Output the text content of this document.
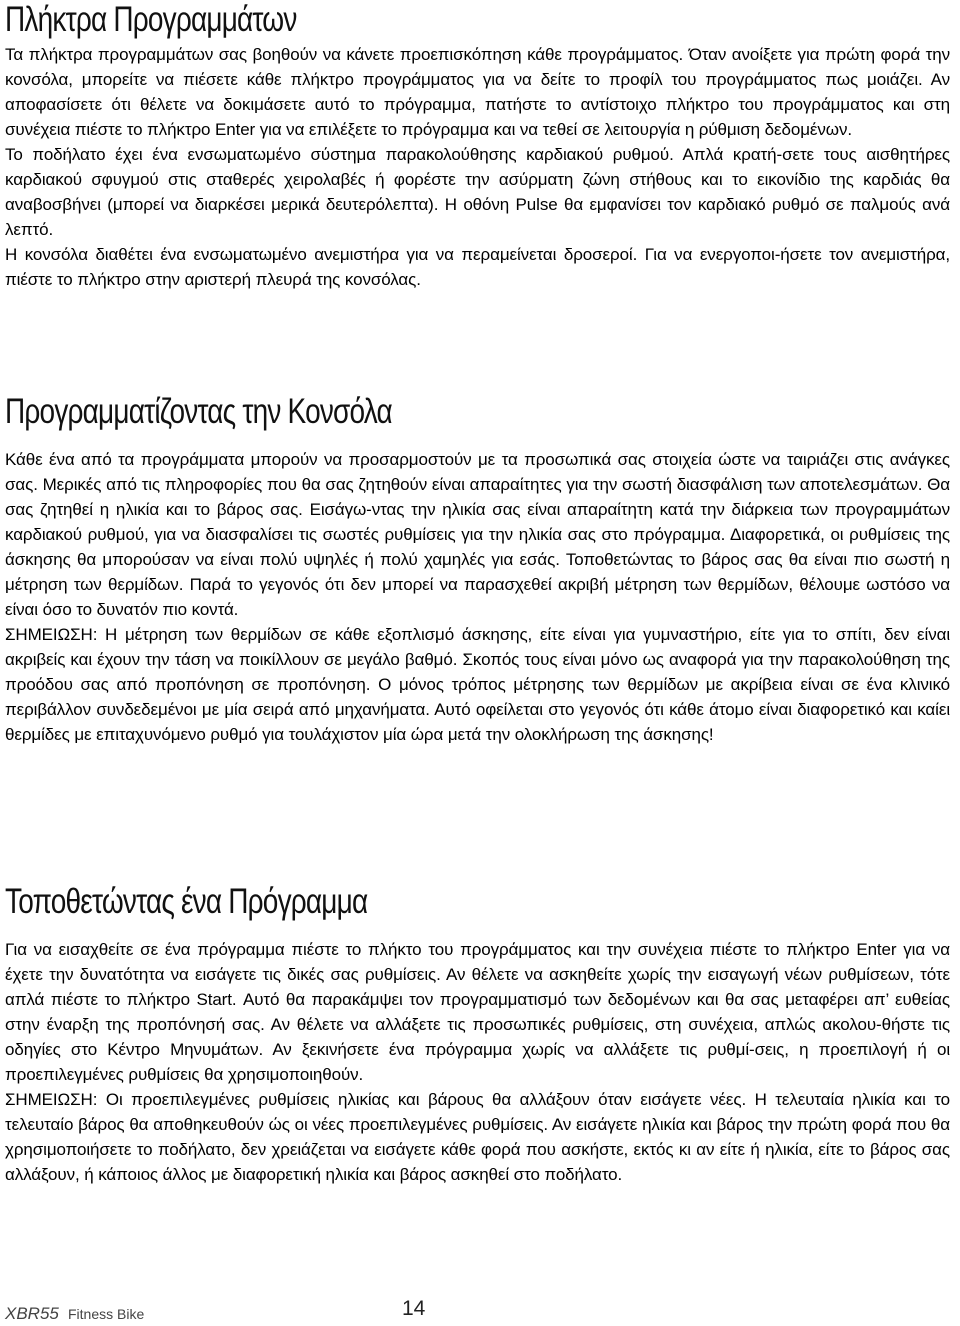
Πλήκτρα Προγραμμάτων

Τα πλήκτρα προγραμμάτων σας βοηθούν να κάνετε προεπισκόπηση κάθε προγράμματος. Όταν ανοίξετε για πρώτη φορά την κονσόλα, μπορείτε να πιέσετε κάθε πλήκτρο προγράμματος για να δείτε το προφίλ του προγράμματος πως μοιάζει. Αν αποφασίσετε ότι θέλετε να δοκιμάσετε αυτό το πρόγραμμα, πατήστε το αντίστοιχο πλήκτρο του προγράμματος και στη συνέχεια πιέστε το πλήκτρο Enter για να επιλέξετε το πρόγραμμα και να τεθεί σε λειτουργία η ρύθμιση δεδομένων.
Το ποδήλατο έχει ένα ενσωματωμένο σύστημα παρακολούθησης καρδιακού ρυθμού. Απλά κρατή-σετε τους αισθητήρες καρδιακού σφυγμού στις σταθερές χειρολαβές ή φορέστε την ασύρματη ζώνη στήθους και το εικονίδιο της καρδιάς θα αναβοσβήνει (μπορεί να διαρκέσει μερικά δευτερόλεπτα). Η οθόνη Pulse θα εμφανίσει τον καρδιακό ρυθμό σε παλμούς ανά λεπτό.
Η κονσόλα διαθέτει ένα ενσωματωμένο ανεμιστήρα για να περαμείνεται δροσεροί. Για να ενεργοποι-ήσετε τον ανεμιστήρα, πιέστε το πλήκτρο στην αριστερή πλευρά της κονσόλας.

Προγραμματίζοντας την Κονσόλα

Κάθε ένα από τα προγράμματα μπορούν να προσαρμοστούν με τα προσωπικά σας στοιχεία ώστε να ταιριάζει στις ανάγκες σας. Μερικές από τις πληροφορίες που θα σας ζητηθούν είναι απαραίτητες για την σωστή διασφάλιση των αποτελεσμάτων. Θα σας ζητηθεί η ηλικία και το βάρος σας. Εισάγω-ντας την ηλικία σας είναι απαραίτητη κατά την διάρκεια των προγραμμάτων καρδιακού ρυθμού, για να διασφαλίσει τις σωστές ρυθμίσεις για την ηλικία σας στο πρόγραμμα. Διαφορετικά, οι ρυθμίσεις της άσκησης θα μπορούσαν να είναι πολύ υψηλές ή πολύ χαμηλές για εσάς. Τοποθετώντας το βάρος σας θα είναι πιο σωστή η μέτρηση των θερμίδων. Παρά το γεγονός ότι δεν μπορεί να παρασχεθεί ακριβή μέτρηση των θερμίδων, θέλουμε ωστόσο να είναι όσο το δυνατόν πιο κοντά.
ΣΗΜΕΙΩΣΗ: Η μέτρηση των θερμίδων σε κάθε εξοπλισμό άσκησης, είτε είναι για γυμναστήριο, είτε για το σπίτι, δεν είναι ακριβείς και έχουν την τάση να ποικίλλουν σε μεγάλο βαθμό. Σκοπός τους είναι μόνο ως αναφορά για την παρακολούθηση της προόδου σας από προπόνηση σε προπόνηση. Ο μόνος τρόπος μέτρησης των θερμίδων με ακρίβεια είναι σε ένα κλινικό περιβάλλον συνδεδεμένοι με μία σειρά από μηχανήματα. Αυτό οφείλεται στο γεγονός ότι κάθε άτομο είναι διαφορετικό και καίει θερμίδες με επιταχυνόμενο ρυθμό για τουλάχιστον μία ώρα μετά την ολοκλήρωση της άσκησης!

Τοποθετώντας ένα Πρόγραμμα

Για να εισαχθείτε σε ένα πρόγραμμα πιέστε το πλήκτο του προγράμματος και την συνέχεια πιέστε το πλήκτρο Enter για να έχετε την δυνατότητα να εισάγετε τις δικές σας ρυθμίσεις. Αν θέλετε να ασκηθείτε χωρίς την εισαγωγή νέων ρυθμίσεων, τότε απλά πιέστε το πλήκτρο Start. Αυτό θα παρακάμψει τον προγραμματισμό των δεδομένων και θα σας μεταφέρει απ’ ευθείας στην έναρξη της προπόνησή σας. Αν θέλετε να αλλάξετε τις προσωπικές ρυθμίσεις, στη συνέχεια, απλώς ακολου-θήστε τις οδηγίες στο Κέντρο Μηνυμάτων. Αν ξεκινήσετε ένα πρόγραμμα χωρίς να αλλάξετε τις ρυθμί-σεις, η προεπιλογή ή οι προεπιλεγμένες ρυθμίσεις θα χρησιμοποιηθούν.
ΣΗΜΕΙΩΣΗ: Οι προεπιλεγμένες ρυθμίσεις ηλικίας και βάρους θα αλλάξουν όταν εισάγετε νέες. Η τελευταία ηλικία και το τελευταίο βάρος θα αποθηκευθούν ώς οι νέες προεπιλεγμένες ρυθμίσεις. Αν εισάγετε ηλικία και βάρος την πρώτη φορά που θα χρησιμοποιήσετε το ποδήλατο, δεν χρειάζεται να εισάγετε κάθε φορά που ασκήστε, εκτός κι αν είτε ή ηλικία, είτε το βάρος σας αλλάξουν, ή κάποιος άλλος με διαφορετική ηλικία και βάρος ασκηθεί στο ποδήλατο.

XBR55 Fitness Bike	14
